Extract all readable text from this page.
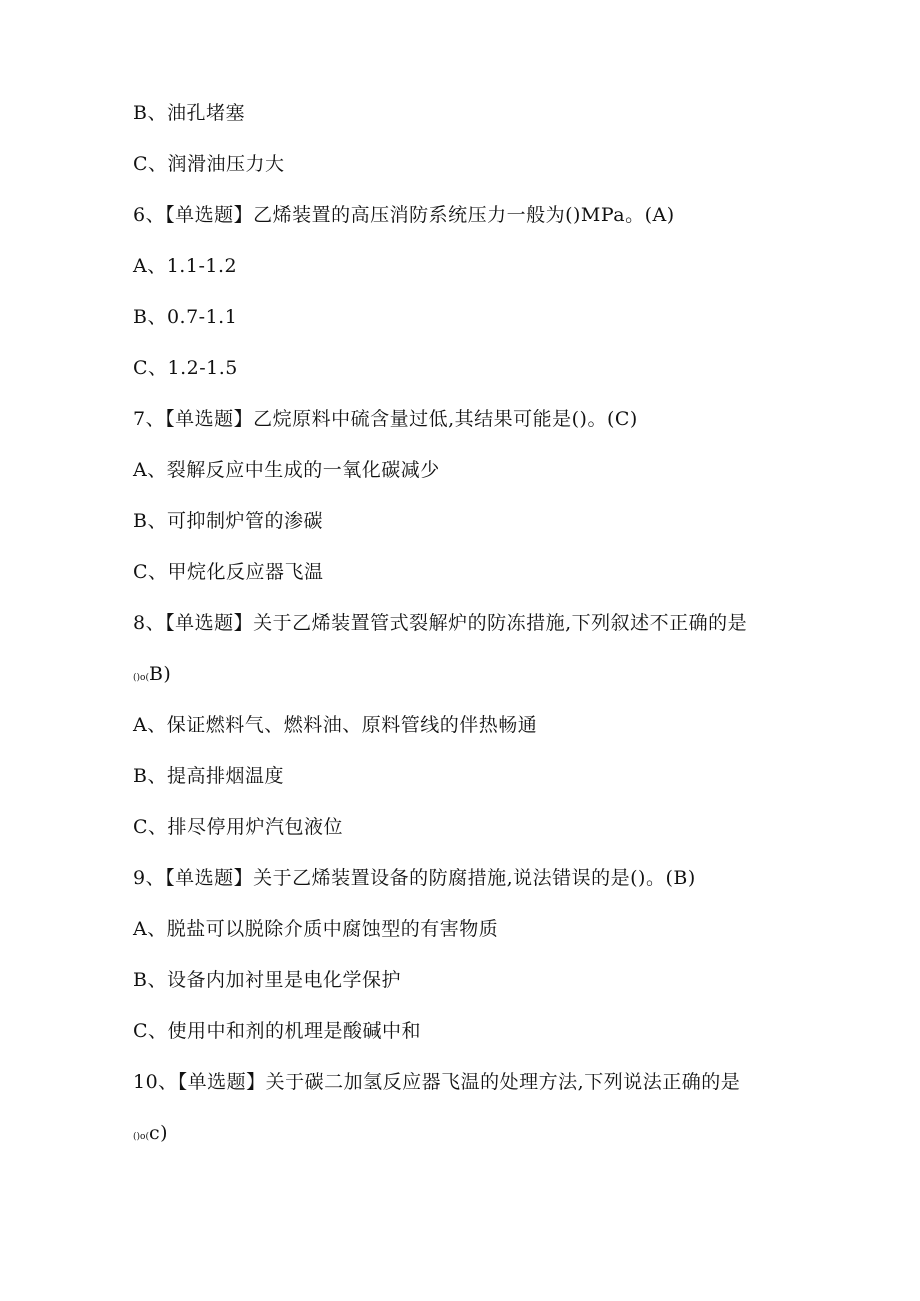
B、油孔堵塞
C、润滑油压力大
6、【单选题】乙烯装置的高压消防系统压力一般为()MPa。(A)
A、1.1-1.2
B、0.7-1.1
C、1.2-1.5
7、【单选题】乙烷原料中硫含量过低,其结果可能是()。(C)
A、裂解反应中生成的一氧化碳减少
B、可抑制炉管的渗碳
C、甲烷化反应器飞温
8、【单选题】关于乙烯装置管式裂解炉的防冻措施,下列叙述不正确的是
()o(B)
A、保证燃料气、燃料油、原料管线的伴热畅通
B、提高排烟温度
C、排尽停用炉汽包液位
9、【单选题】关于乙烯装置设备的防腐措施,说法错误的是()。(B)
A、脱盐可以脱除介质中腐蚀型的有害物质
B、设备内加衬里是电化学保护
C、使用中和剂的机理是酸碱中和
10、【单选题】关于碳二加氢反应器飞温的处理方法,下列说法正确的是
()o(c)
